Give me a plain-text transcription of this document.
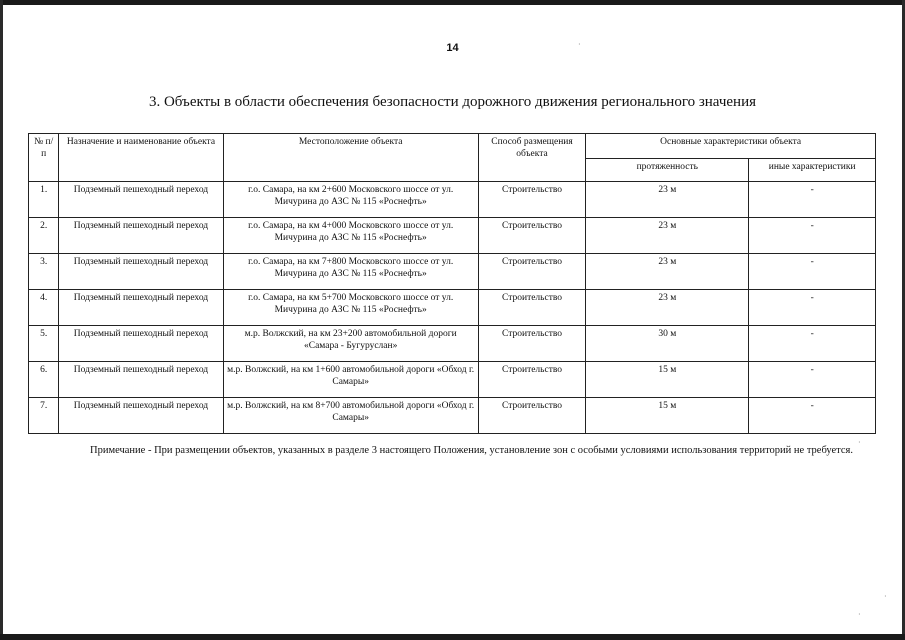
14
3. Объекты в области обеспечения безопасности дорожного движения регионального значения
№ п/п	Назначение и наименование объекта	Местоположение объекта	Способ размещения объекта	Основные характеристики объекта	
				протяженность	иные характеристики
1.	Подземный пешеходный переход	г.о. Самара, на км 2+600 Московского шоссе от ул. Мичурина до АЗС № 115 «Роснефть»	Строительство	23 м	-
2.	Подземный пешеходный переход	г.о. Самара, на км 4+000 Московского шоссе от ул. Мичурина до АЗС № 115 «Роснефть»	Строительство	23 м	-
3.	Подземный пешеходный переход	г.о. Самара, на км 7+800 Московского шоссе от ул. Мичурина до АЗС № 115 «Роснефть»	Строительство	23 м	-
4.	Подземный пешеходный переход	г.о. Самара, на км 5+700 Московского шоссе от ул. Мичурина до АЗС № 115 «Роснефть»	Строительство	23 м	-
5.	Подземный пешеходный переход	м.р. Волжский, на км 23+200 автомобильной дороги «Самара - Бугуруслан»	Строительство	30 м	-
6.	Подземный пешеходный переход	м.р. Волжский, на км 1+600 автомобильной дороги «Обход г. Самары»	Строительство	15 м	-
7.	Подземный пешеходный переход	м.р. Волжский, на км 8+700 автомобильной дороги «Обход г. Самары»	Строительство	15 м	-
Примечание - При размещении объектов, указанных в разделе 3 настоящего Положения, установление зон с особыми условиями использования территорий не требуется.
·
·
·
·
